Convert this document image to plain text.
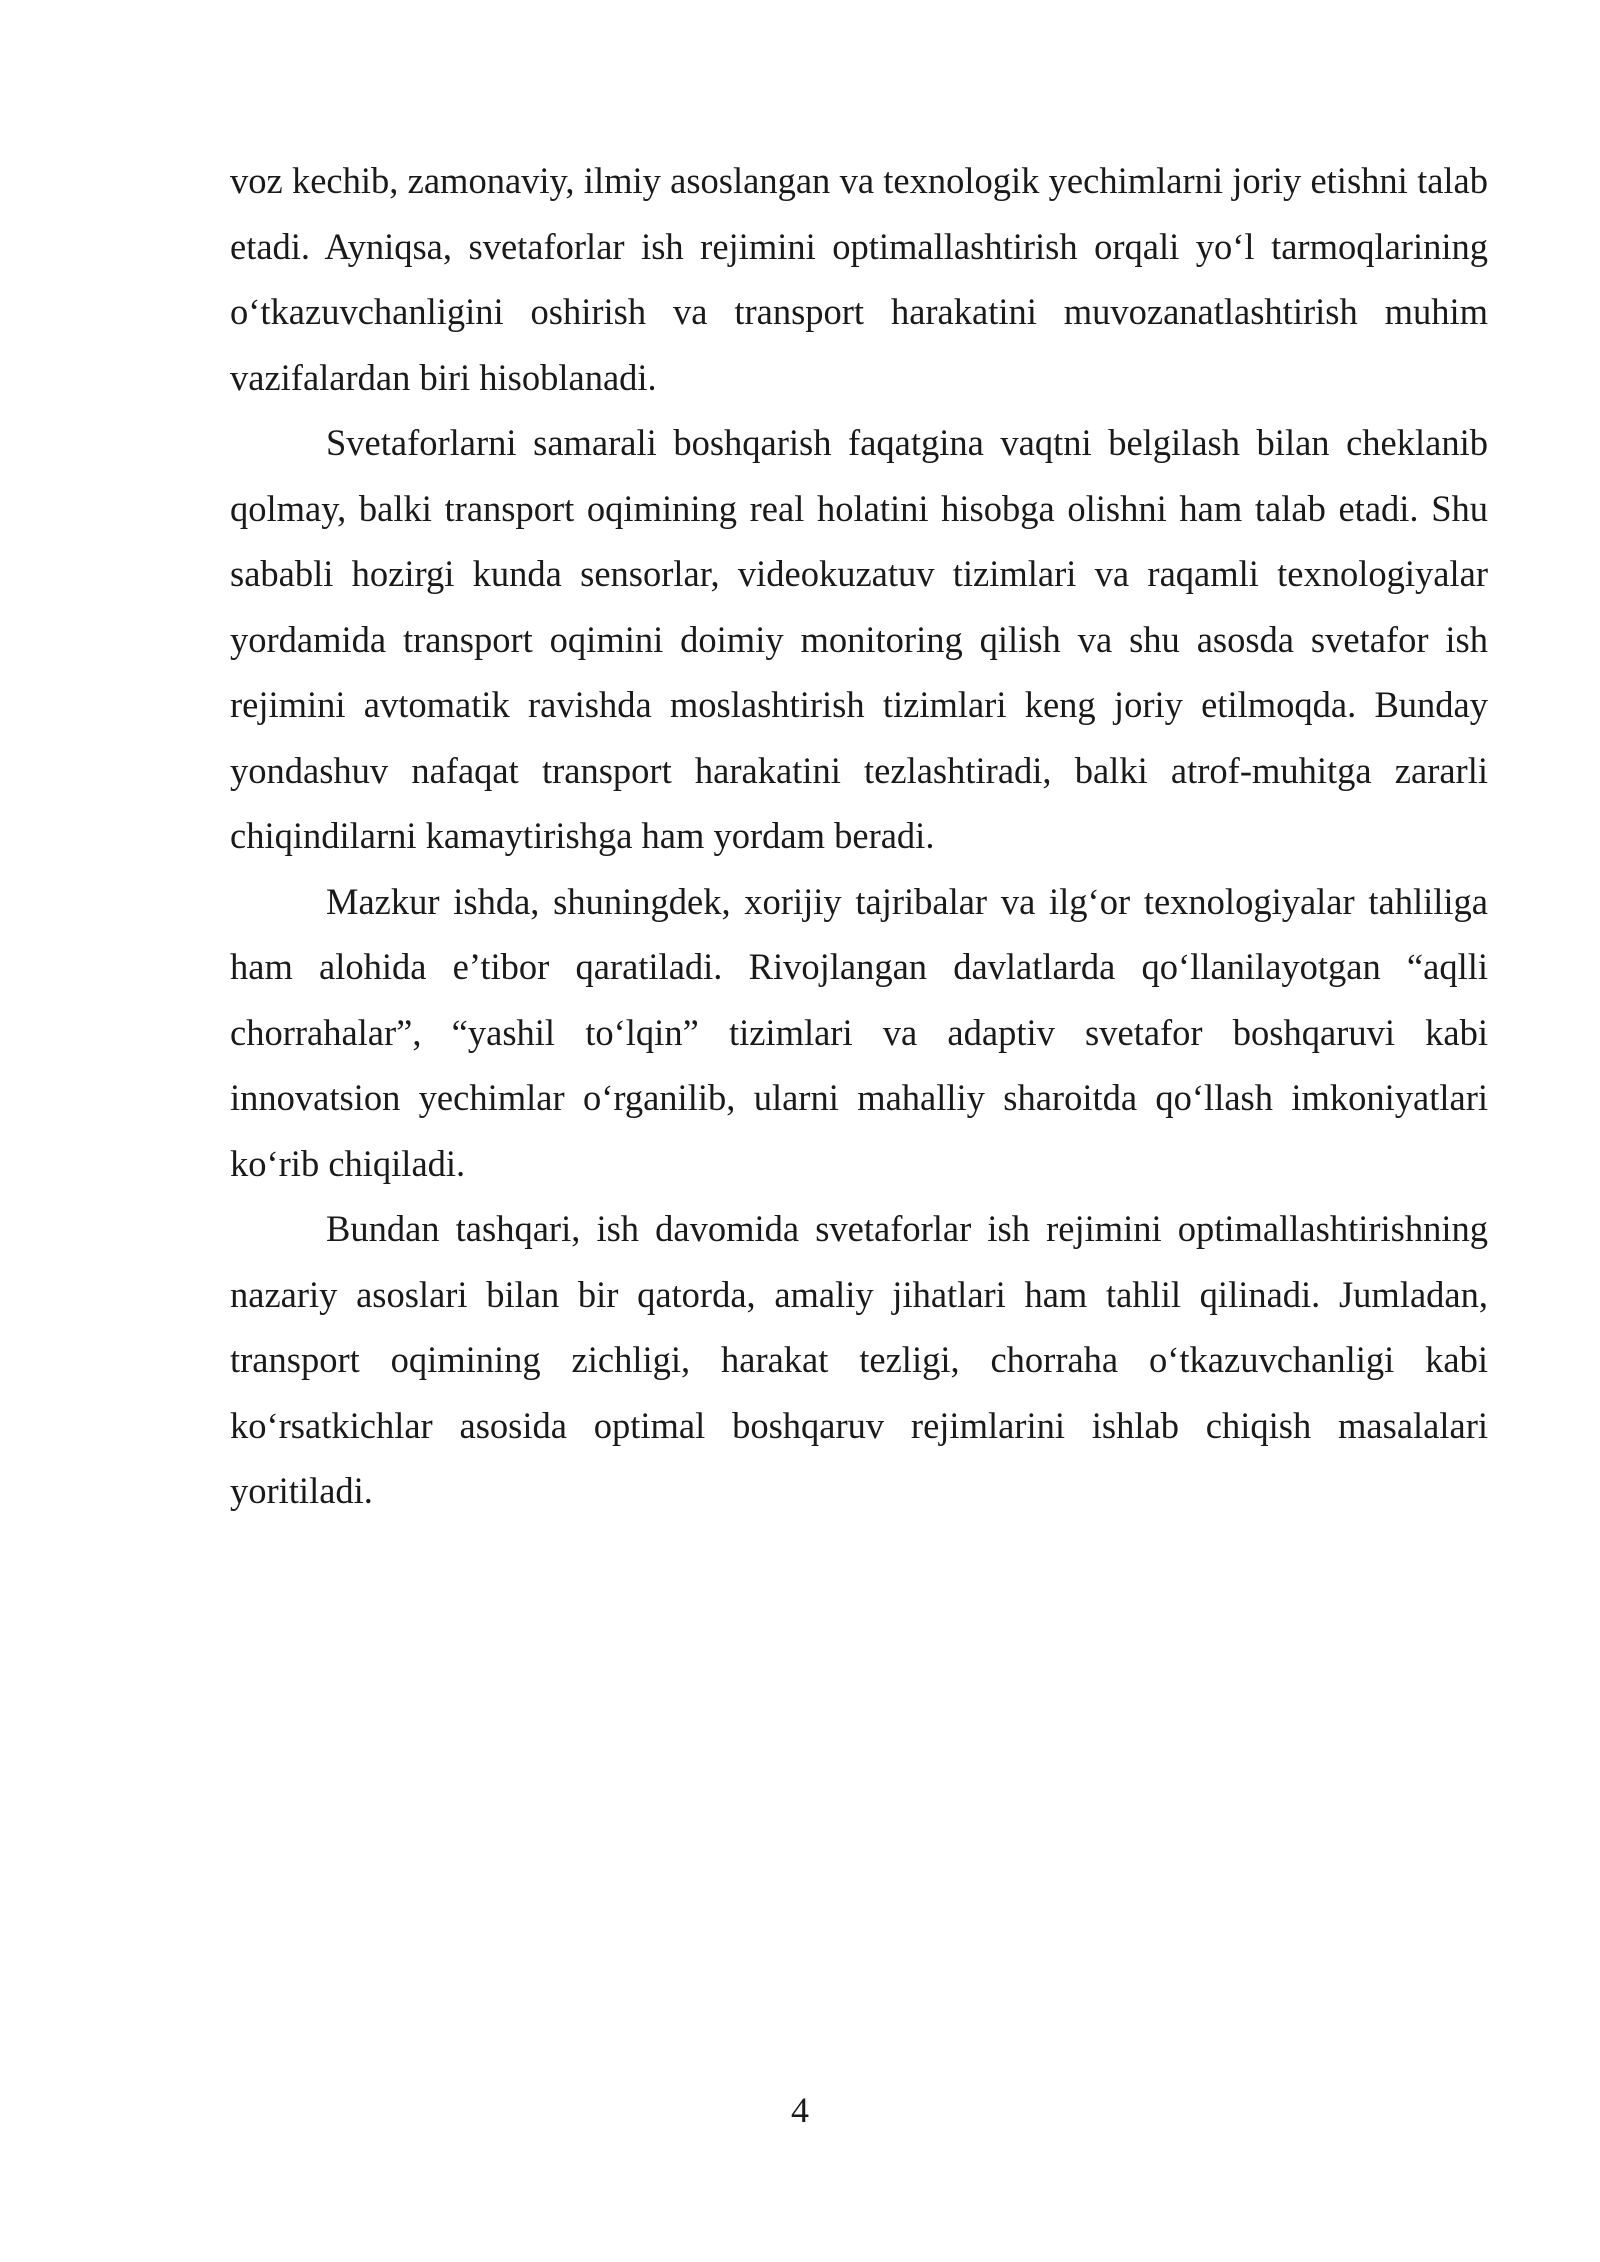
voz kechib, zamonaviy, ilmiy asoslangan va texnologik yechimlarni joriy etishni talab etadi. Ayniqsa, svetaforlar ish rejimini optimallashtirish orqali yo‘l tarmoqlarining o‘tkazuvchanligini oshirish va transport harakatini muvozanatlashtirish muhim vazifalardan biri hisoblanadi.

Svetaforlarni samarali boshqarish faqatgina vaqtni belgilash bilan cheklanib qolmay, balki transport oqimining real holatini hisobga olishni ham talab etadi. Shu sababli hozirgi kunda sensorlar, videokuzatuv tizimlari va raqamli texnologiyalar yordamida transport oqimini doimiy monitoring qilish va shu asosda svetafor ish rejimini avtomatik ravishda moslashtirish tizimlari keng joriy etilmoqda. Bunday yondashuv nafaqat transport harakatini tezlashtiradi, balki atrof-muhitga zararli chiqindilarni kamaytirishga ham yordam beradi.

Mazkur ishda, shuningdek, xorijiy tajribalar va ilg‘or texnologiyalar tahliliga ham alohida e’tibor qaratiladi. Rivojlangan davlatlarda qo‘llanilayotgan “aqlli chorrahalar”, “yashil to‘lqin” tizimlari va adaptiv svetafor boshqaruvi kabi innovatsion yechimlar o‘rganilib, ularni mahalliy sharoitda qo‘llash imkoniyatlari ko‘rib chiqiladi.

Bundan tashqari, ish davomida svetaforlar ish rejimini optimallashtirishning nazariy asoslari bilan bir qatorda, amaliy jihatlari ham tahlil qilinadi. Jumladan, transport oqimining zichligi, harakat tezligi, chorraha o‘tkazuvchanligi kabi ko‘rsatkichlar asosida optimal boshqaruv rejimlarini ishlab chiqish masalalari yoritiladi.

4
